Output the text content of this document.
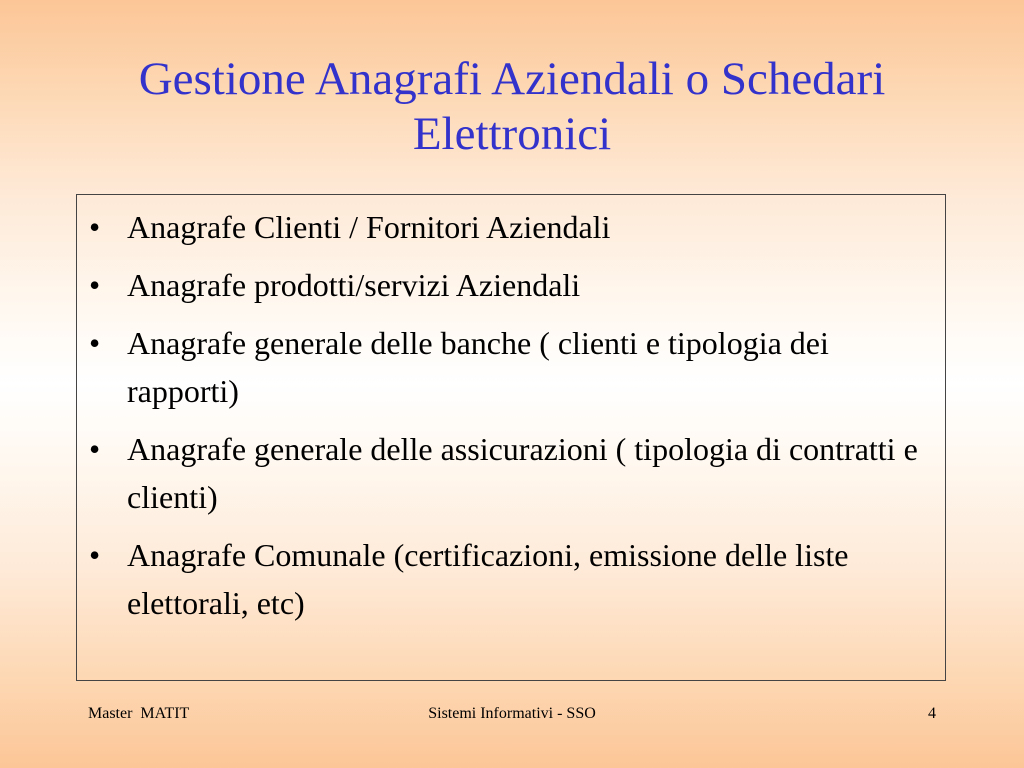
Gestione Anagrafi Aziendali o Schedari
Elettronici
• Anagrafe Clienti / Fornitori Aziendali
• Anagrafe prodotti/servizi Aziendali
• Anagrafe generale delle banche ( clienti e tipologia dei rapporti)
• Anagrafe generale delle assicurazioni ( tipologia di contratti e clienti)
• Anagrafe Comunale (certificazioni, emissione delle liste elettorali, etc)
Master  MATIT	Sistemi Informativi - SSO	4
